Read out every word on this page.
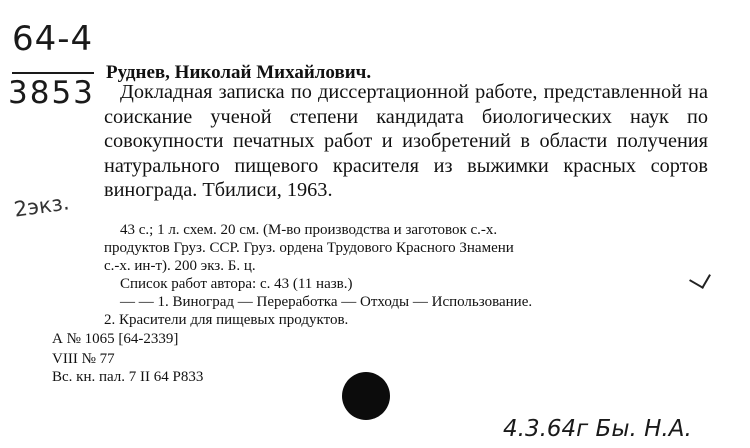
64-4
3853
2экз.
Руднев, Николай Михайлович.
Докладная записка по диссертационной работе, представленной на соискание ученой степени кандидата биологических наук по совокупности печатных работ и изобретений в области получения натурального пищевого красителя из выжимки красных сортов винограда. Тбилиси, 1963.
43 с.; 1 л. схем. 20 см. (М-во производства и заготовок с.-х.
продуктов Груз. ССР. Груз. ордена Трудового Красного Знамени
с.-х. ин-т). 200 экз. Б. ц.
Список работ автора: с. 43 (11 назв.)
— — 1. Виноград — Переработка — Отходы — Использование.
2. Красители для пищевых продуктов.
А № 1065 [64-2339]
VIII № 77
Вс. кн. пал. 7 II 64 Р833
4.3.64г Бы. Н.А.
